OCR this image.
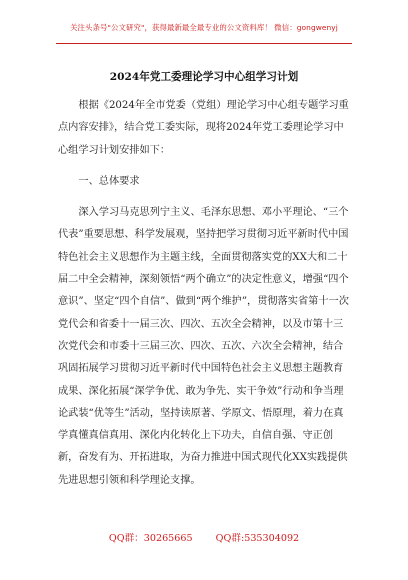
关注头条号"公文研究"，获得最新最全最专业的公文资料库！ 微信：gongwenyj
2024年党工委理论学习中心组学习计划

根据《2024年全市党委（党组）理论学习中心组专题学习重点内容安排》，结合党工委实际，现将2024年党工委理论学习中心组学习计划安排如下：

一、总体要求

深入学习马克思列宁主义、毛泽东思想、邓小平理论、“三个代表”重要思想、科学发展观，坚持把学习贯彻习近平新时代中国特色社会主义思想作为主题主线，全面贯彻落实党的XX大和二十届二中全会精神，深刻领悟“两个确立”的决定性意义，增强“四个意识”、坚定“四个自信”、做到“两个维护”，贯彻落实省第十一次党代会和省委十一届三次、四次、五次全会精神，以及市第十三次党代会和市委十三届三次、四次、五次、六次全会精神，结合巩固拓展学习贯彻习近平新时代中国特色社会主义思想主题教育成果、深化拓展“深学争优、敢为争先、实干争效”行动和争当理论武装“优等生”活动，坚持读原著、学原文、悟原理，着力在真学真懂真信真用、深化内化转化上下功夫，自信自强、守正创新，奋发有为、开拓进取，为奋力推进中国式现代化XX实践提供先进思想引领和科学理论支撑。

QQ群：30265665 QQ群:535304092
